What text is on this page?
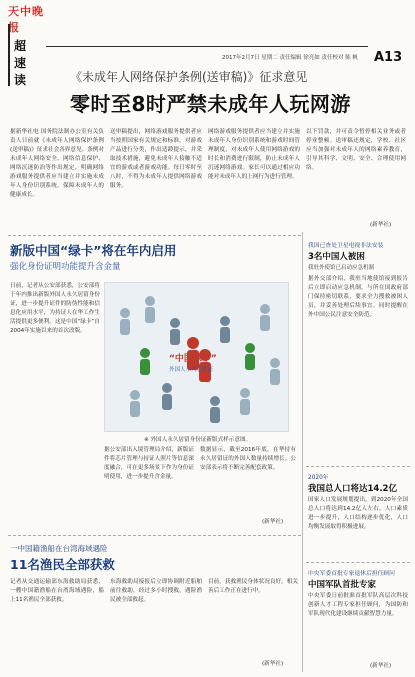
天中晚报
超
速读
2017年2月7日 星期二 责任编辑 徐亮如 责任校对 陈 帆 A13
《未成年人网络保护条例(送审稿)》征求意见
零时至8时严禁未成年人玩网游
据新华社电 国务院法制办公室有关负责人日前就《未成年人网络保护条例(送审稿)》征求社会各界意见。条例对未成年人网络安全、网络信息保护、网络沉迷防治等作出规定，明确网络游戏服务提供者应当建立并实施未成年人身份识别系统，保障未成年人的健康成长。
送审稿提出，网络游戏服务提供者应当按照国家有关规定和标准，对游戏产品进行分类，作出适龄提示，并采取技术措施，避免未成年人接触不适宜的游戏或者游戏功能。每日零时至八时，不得为未成年人提供网络游戏服务。
网络游戏服务提供者应当建立并实施未成年人身份识别系统和游戏时间管理制度，对未成年人使用网络游戏的时长和消费进行限制，防止未成年人沉迷网络游戏。家长可以通过相应功能对未成年人的上网行为进行管理。
以下罚款，并可责令暂停相关业务或者停业整顿。送审稿还规定，学校、社区应当加强对未成年人的网络素养教育，引导其科学、文明、安全、合理使用网络。
(新华社)
新版中国“绿卡”将在年内启用
强化身份证明功能提升含金量
日前，记者从公安部获悉，公安部将于年内推出新版外国人永久居留身份证，进一步提升证件的防伪性能和信息化应用水平，为持证人在华工作生活提供更多便利。这是中国“绿卡”自2004年实施以来的首次改版。
“中国绿卡”
外国人永久居留证
※ 外国人永久居留身份证新版式样示意图。
据公安部出入境管理局介绍，新版证件将芯片管理与持证人照片等信息深度融合，可在更多场景下作为身份证明使用，进一步提升含金量。
数据显示，截至2016年底，在华持有永久居留证的外国人数量持续增长。公安部表示将不断完善配套政策。
(新华社)
一中国籍渔船在台湾海域遇险
11名渔民全部获救
记者从交通运输部东海救助局获悉，一艘中国籍渔船在台湾海域遇险，船上11名渔民全部获救。
东海救助局接报后立即协调附近船舶前往救助，经过多小时搜救，遇险渔民被全部救起。
目前，获救渔民身体状况良好，相关善后工作正在进行中。
(新华社)
我国已查处卫星电视非法安装
3名中国人被困
我驻外使馆已启动应急机制
据外交部介绍，我驻当地使馆接到报告后立即启动应急机制，与所在国政府部门保持密切联系，要求全力搜救被困人员，并妥善处理后续事宜。同时提醒在外中国公民注意安全防范。
2020年
我国总人口将达14.2亿
国家人口发展规划提出，到2020年全国总人口将达到14.2亿人左右，人口素质进一步提升，人口结构逐步优化，人口均衡发展取得积极进展。
中央军委首批专家退休后担任顾问
中国军队首批专家
中央军委日前批准首批军队高层次科技创新人才工程专家担任顾问，为国防和军队现代化建设继续贡献智慧力量。
(新华社)
